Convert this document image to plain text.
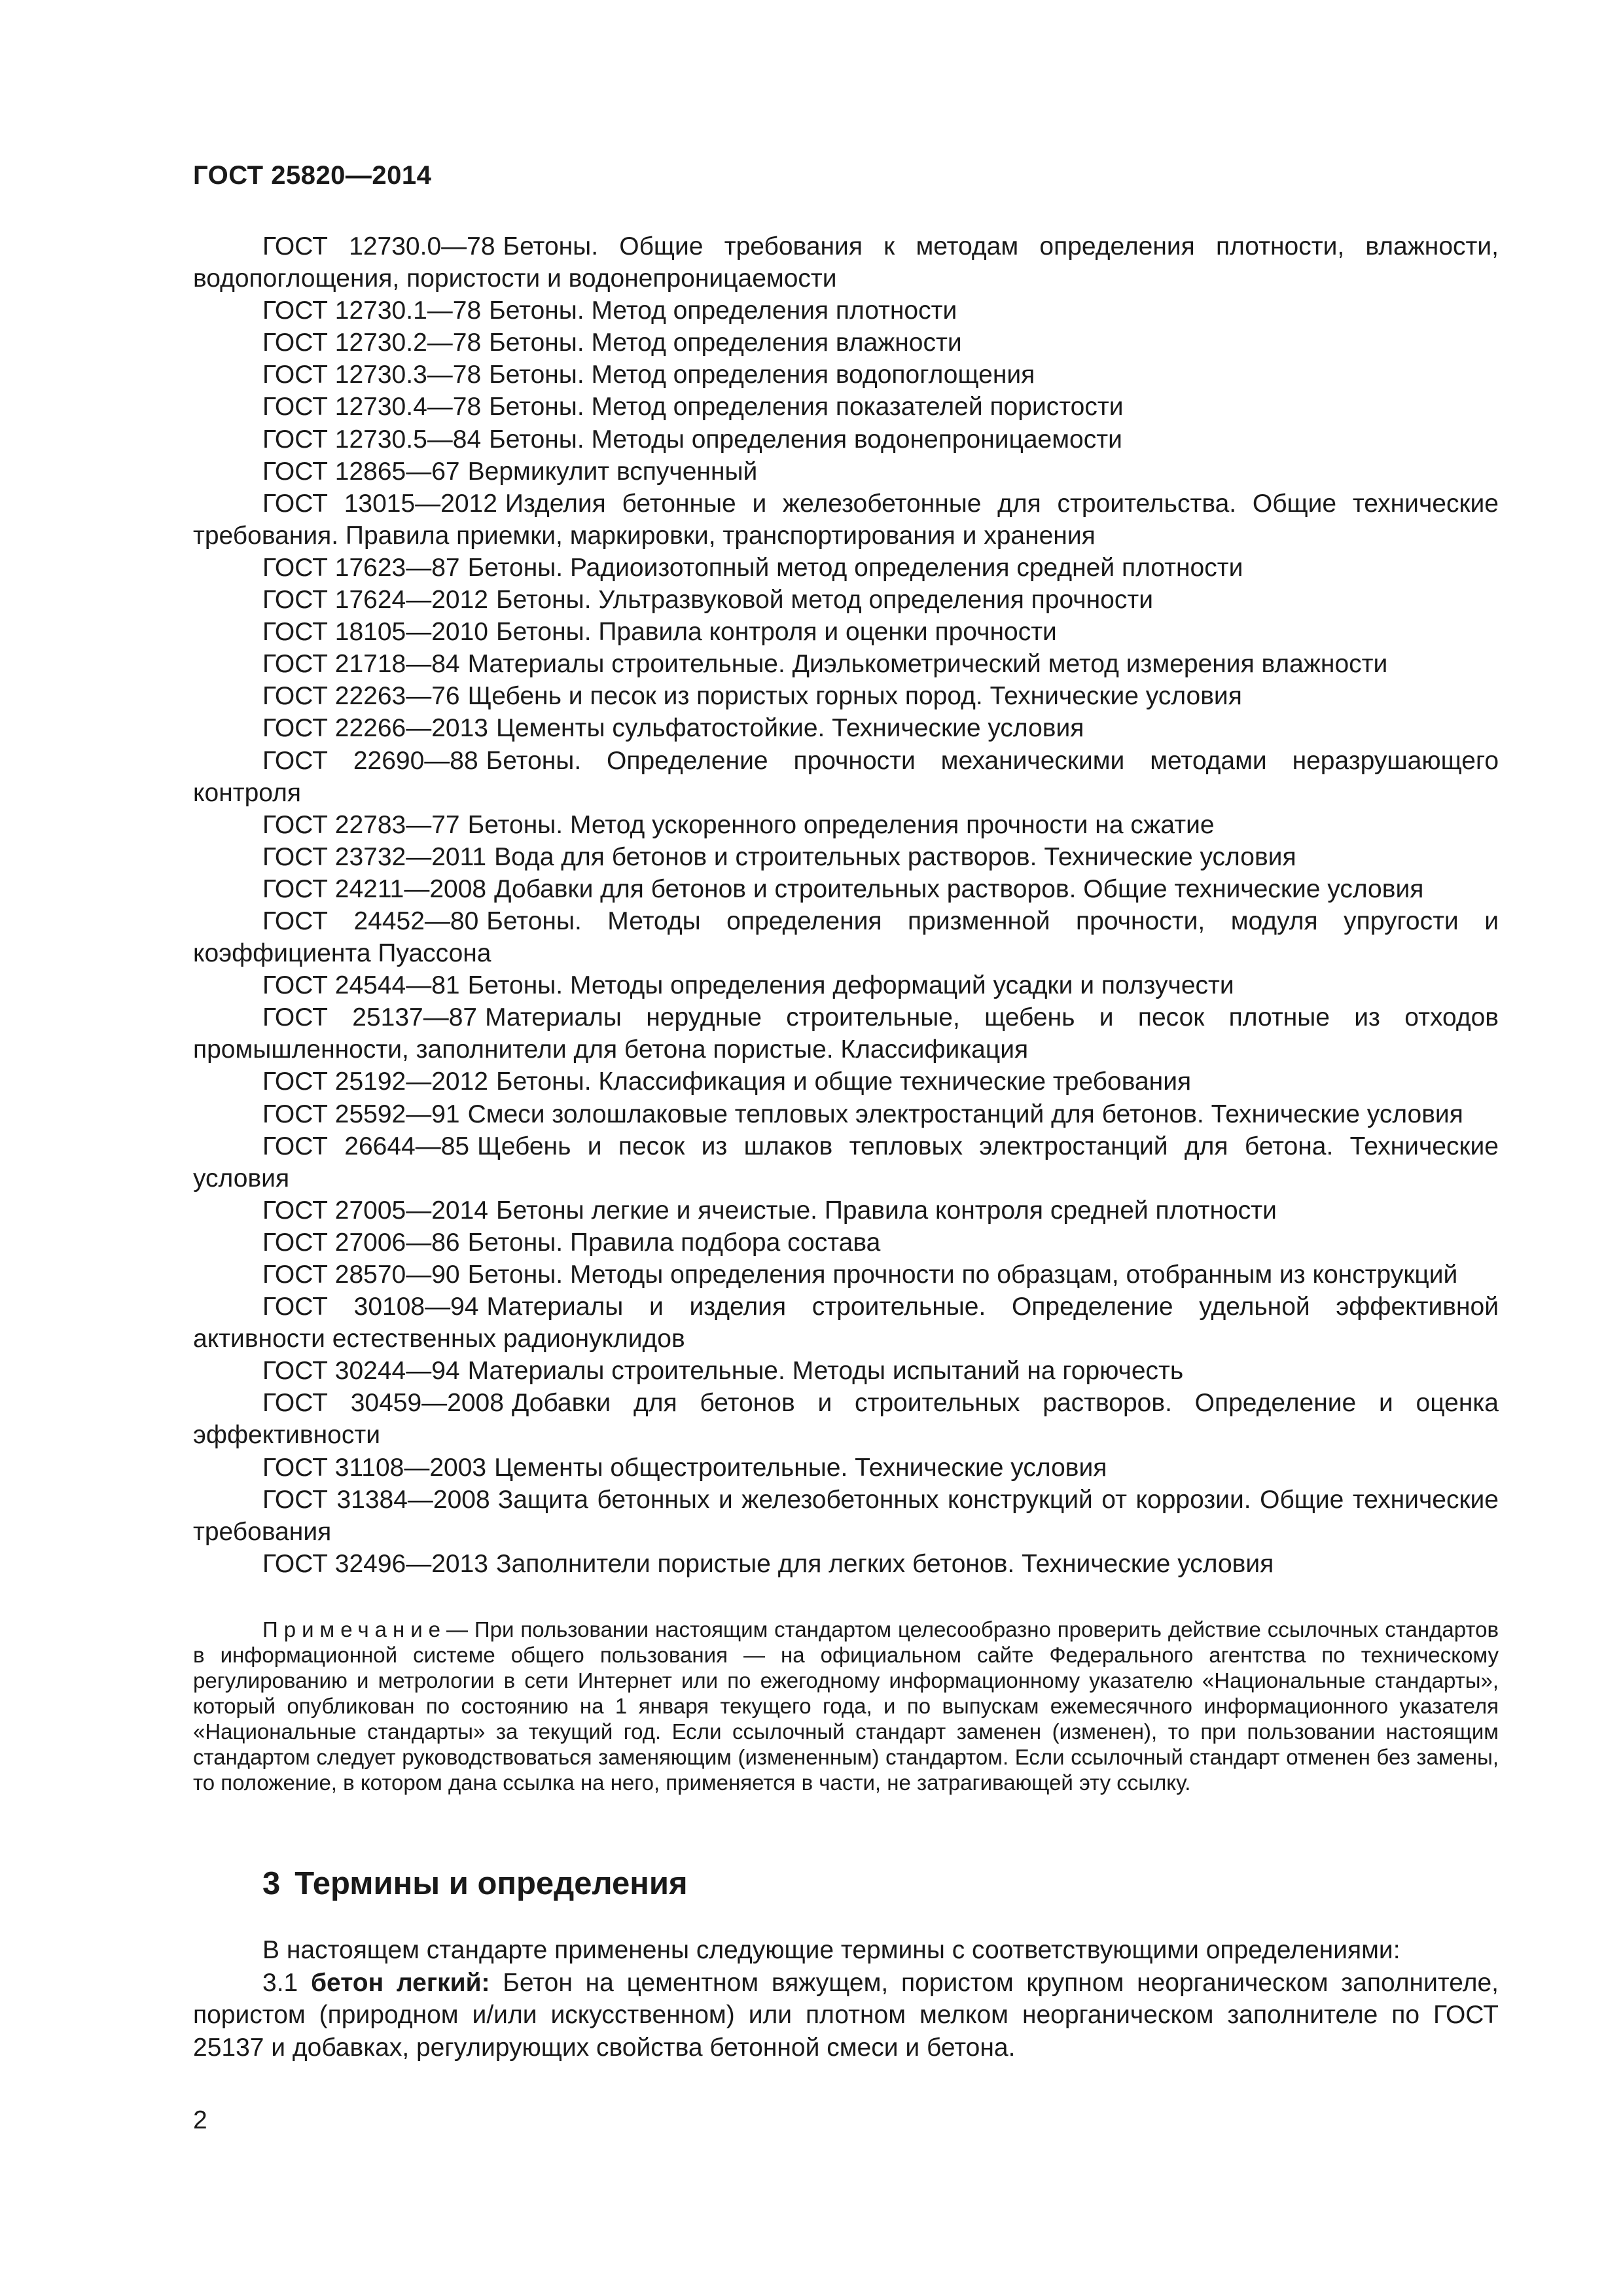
ГОСТ 25820—2014

ГОСТ 12730.0—78 Бетоны. Общие требования к методам определения плотности, влажности, водопоглощения, пористости и водонепроницаемости

ГОСТ 12730.1—78 Бетоны. Метод определения плотности

ГОСТ 12730.2—78 Бетоны. Метод определения влажности

ГОСТ 12730.3—78 Бетоны. Метод определения водопоглощения

ГОСТ 12730.4—78 Бетоны. Метод определения показателей пористости

ГОСТ 12730.5—84 Бетоны. Методы определения водонепроницаемости

ГОСТ 12865—67 Вермикулит вспученный

ГОСТ 13015—2012 Изделия бетонные и железобетонные для строительства. Общие технические требования. Правила приемки, маркировки, транспортирования и хранения

ГОСТ 17623—87 Бетоны. Радиоизотопный метод определения средней плотности

ГОСТ 17624—2012 Бетоны. Ультразвуковой метод определения прочности

ГОСТ 18105—2010 Бетоны. Правила контроля и оценки прочности

ГОСТ 21718—84 Материалы строительные. Диэлькометрический метод измерения влажности

ГОСТ 22263—76 Щебень и песок из пористых горных пород. Технические условия

ГОСТ 22266—2013 Цементы сульфатостойкие. Технические условия

ГОСТ 22690—88 Бетоны. Определение прочности механическими методами неразрушающего контроля

ГОСТ 22783—77 Бетоны. Метод ускоренного определения прочности на сжатие

ГОСТ 23732—2011 Вода для бетонов и строительных растворов. Технические условия

ГОСТ 24211—2008 Добавки для бетонов и строительных растворов. Общие технические условия

ГОСТ 24452—80 Бетоны. Методы определения призменной прочности, модуля упругости и коэффициента Пуассона

ГОСТ 24544—81 Бетоны. Методы определения деформаций усадки и ползучести

ГОСТ 25137—87 Материалы нерудные строительные, щебень и песок плотные из отходов промышленности, заполнители для бетона пористые. Классификация

ГОСТ 25192—2012 Бетоны. Классификация и общие технические требования

ГОСТ 25592—91 Смеси золошлаковые тепловых электростанций для бетонов. Технические условия

ГОСТ 26644—85 Щебень и песок из шлаков тепловых электростанций для бетона. Технические условия

ГОСТ 27005—2014 Бетоны легкие и ячеистые. Правила контроля средней плотности

ГОСТ 27006—86 Бетоны. Правила подбора состава

ГОСТ 28570—90 Бетоны. Методы определения прочности по образцам, отобранным из конструкций

ГОСТ 30108—94 Материалы и изделия строительные. Определение удельной эффективной активности естественных радионуклидов

ГОСТ 30244—94 Материалы строительные. Методы испытаний на горючесть

ГОСТ 30459—2008 Добавки для бетонов и строительных растворов. Определение и оценка эффективности

ГОСТ 31108—2003 Цементы общестроительные. Технические условия

ГОСТ 31384—2008 Защита бетонных и железобетонных конструкций от коррозии. Общие технические требования

ГОСТ 32496—2013 Заполнители пористые для легких бетонов. Технические условия

Примечание— При пользовании настоящим стандартом целесообразно проверить действие ссылочных стандартов в информационной системе общего пользования — на официальном сайте Федерального агентства по техническому регулированию и метрологии в сети Интернет или по ежегодному информационному указателю «Национальные стандарты», который опубликован по состоянию на 1 января текущего года, и по выпускам ежемесячного информационного указателя «Национальные стандарты» за текущий год. Если ссылочный стандарт заменен (изменен), то при пользовании настоящим стандартом следует руководствоваться заменяющим (измененным) стандартом. Если ссылочный стандарт отменен без замены, то положение, в котором дана ссылка на него, применяется в части, не затрагивающей эту ссылку.

3 Термины и определения

В настоящем стандарте применены следующие термины с соответствующими определениями:

3.1 бетон легкий: Бетон на цементном вяжущем, пористом крупном неорганическом заполнителе, пористом (природном и/или искусственном) или плотном мелком неорганическом заполнителе по ГОСТ 25137 и добавках, регулирующих свойства бетонной смеси и бетона.

2
